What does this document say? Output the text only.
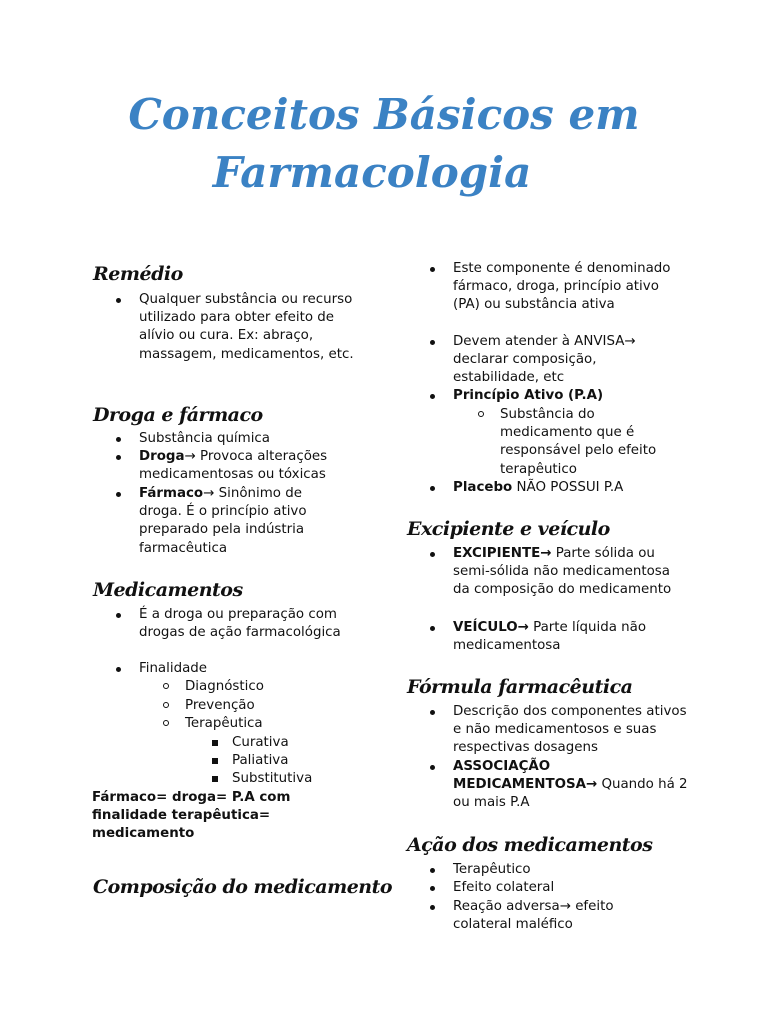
Conceitos Básicos em
Farmacologia
Remédio

Qualquer substância ou recurso utilizado para obter efeito de alívio ou cura. Ex: abraço, massagem, medicamentos, etc.

Droga e fármaco

Substância química

Droga→ Provoca alterações medicamentosas ou tóxicas

Fármaco→ Sinônimo de droga. É o princípio ativo preparado pela indústria farmacêutica

Medicamentos

É a droga ou preparação com drogas de ação farmacológica

Finalidade

Diagnóstico

Prevenção

Terapêutica

Curativa

Paliativa

Substitutiva

Fármaco= droga= P.A com finalidade terapêutica= medicamento

Composição do medicamento

Este componente é denominado fármaco, droga, princípio ativo (PA) ou substância ativa

Devem atender à ANVISA→ declarar composição, estabilidade, etc

Princípio Ativo (P.A)

Substância do medicamento que é responsável pelo efeito terapêutico

Placebo NÃO POSSUI P.A

Excipiente e veículo

EXCIPIENTE→ Parte sólida ou semi-sólida não medicamentosa da composição do medicamento

VEÍCULO→ Parte líquida não medicamentosa

Fórmula farmacêutica

Descrição dos componentes ativos e não medicamentosos e suas respectivas dosagens

ASSOCIAÇÃO MEDICAMENTOSA→ Quando há 2 ou mais P.A

Ação dos medicamentos

Terapêutico

Efeito colateral

Reação adversa→ efeito colateral maléfico
